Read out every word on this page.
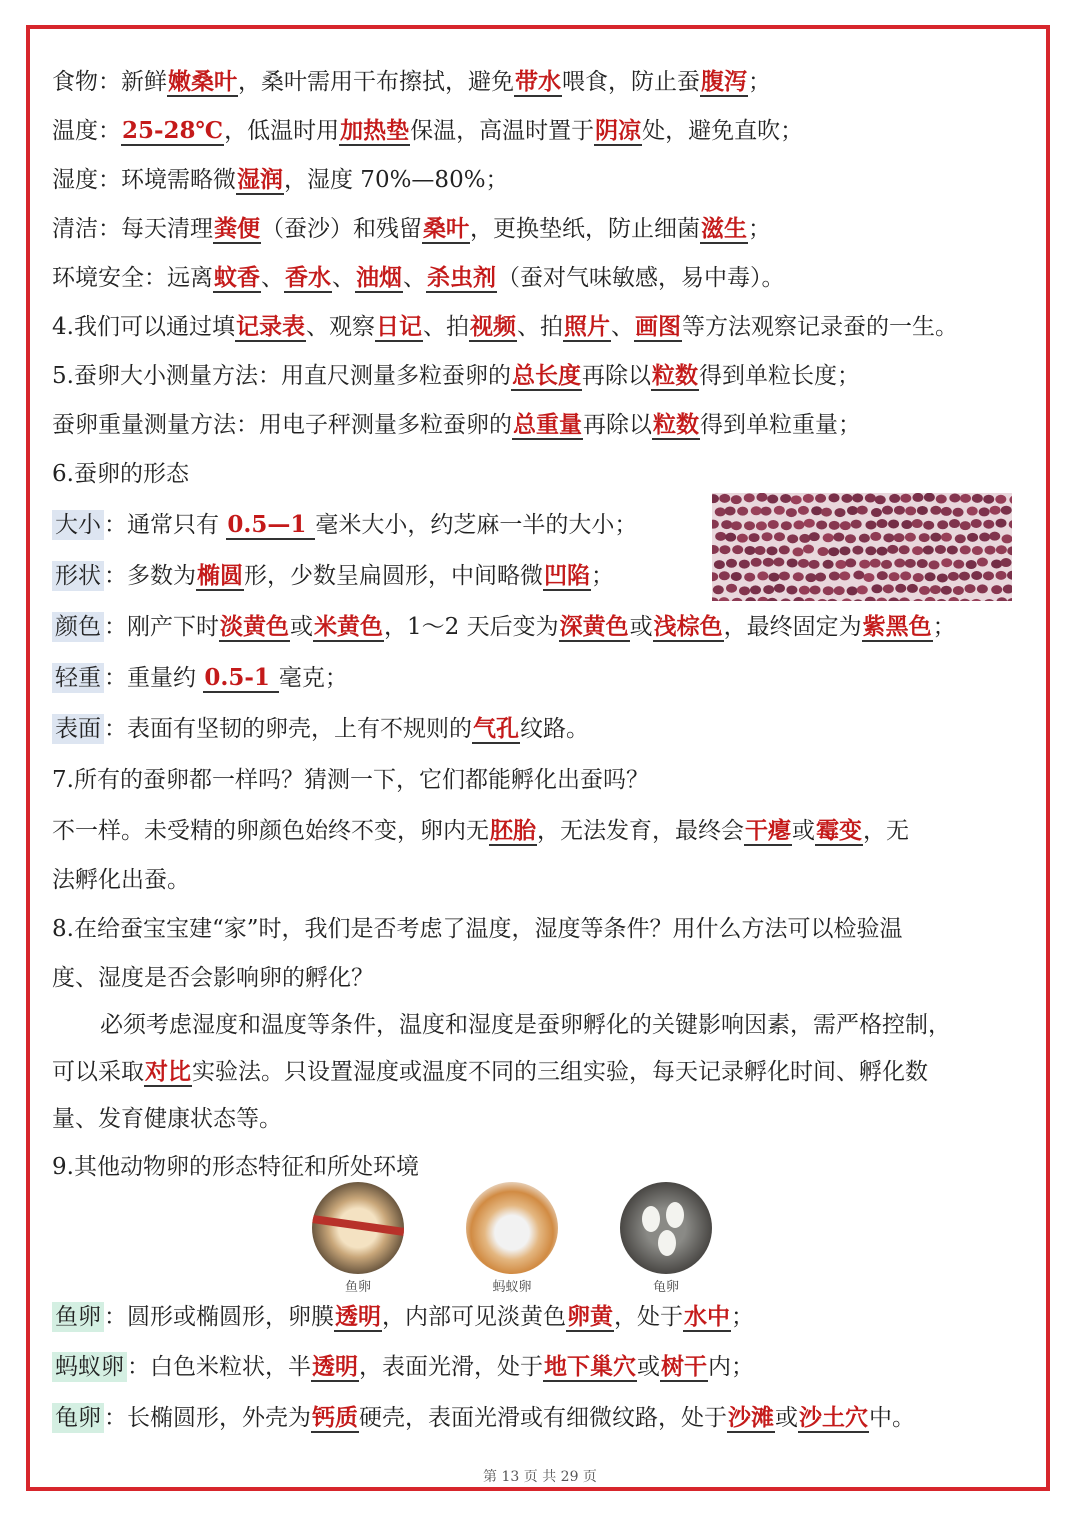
食物：新鲜嫩桑叶，桑叶需用干布擦拭，避免带水喂食，防止蚕腹泻；
温度：25-28℃，低温时用加热垫保温，高温时置于阴凉处，避免直吹；
湿度：环境需略微湿润，湿度 70%—80%；
清洁：每天清理粪便（蚕沙）和残留桑叶，更换垫纸，防止细菌滋生；
环境安全：远离蚊香、香水、油烟、杀虫剂（蚕对气味敏感，易中毒）。
4.我们可以通过填记录表、观察日记、拍视频、拍照片、画图等方法观察记录蚕的一生。
5.蚕卵大小测量方法：用直尺测量多粒蚕卵的总长度再除以粒数得到单粒长度；
蚕卵重量测量方法：用电子秤测量多粒蚕卵的总重量再除以粒数得到单粒重量；
6.蚕卵的形态
大小 ：通常只有 0.5—1 毫米大小，约芝麻一半的大小；
形状 ：多数为椭圆形，少数呈扁圆形，中间略微凹陷；
颜色 ：刚产下时淡黄色或米黄色，1～2 天后变为深黄色或浅棕色，最终固定为紫黑色；
轻重 ：重量约 0.5-1 毫克；
表面 ：表面有坚韧的卵壳，上有不规则的气孔纹路。
7.所有的蚕卵都一样吗？猜测一下，它们都能孵化出蚕吗？
不一样。未受精的卵颜色始终不变，卵内无胚胎，无法发育，最终会干瘪或霉变，无
法孵化出蚕。
8.在给蚕宝宝建“家”时，我们是否考虑了温度，湿度等条件？用什么方法可以检验温
度、湿度是否会影响卵的孵化？
必须考虑湿度和温度等条件，温度和湿度是蚕卵孵化的关键影响因素，需严格控制，
可以采取对比实验法。只设置湿度或温度不同的三组实验，每天记录孵化时间、孵化数
量、发育健康状态等。
9.其他动物卵的形态特征和所处环境
鱼卵 ：圆形或椭圆形，卵膜透明，内部可见淡黄色卵黄，处于水中；
蚂蚁卵 ：白色米粒状，半透明，表面光滑，处于地下巢穴或树干内；
龟卵 ：长椭圆形，外壳为钙质硬壳，表面光滑或有细微纹路，处于沙滩或沙土穴中。
鱼卵	蚂蚁卵	龟卵
第 13 页 共 29 页
